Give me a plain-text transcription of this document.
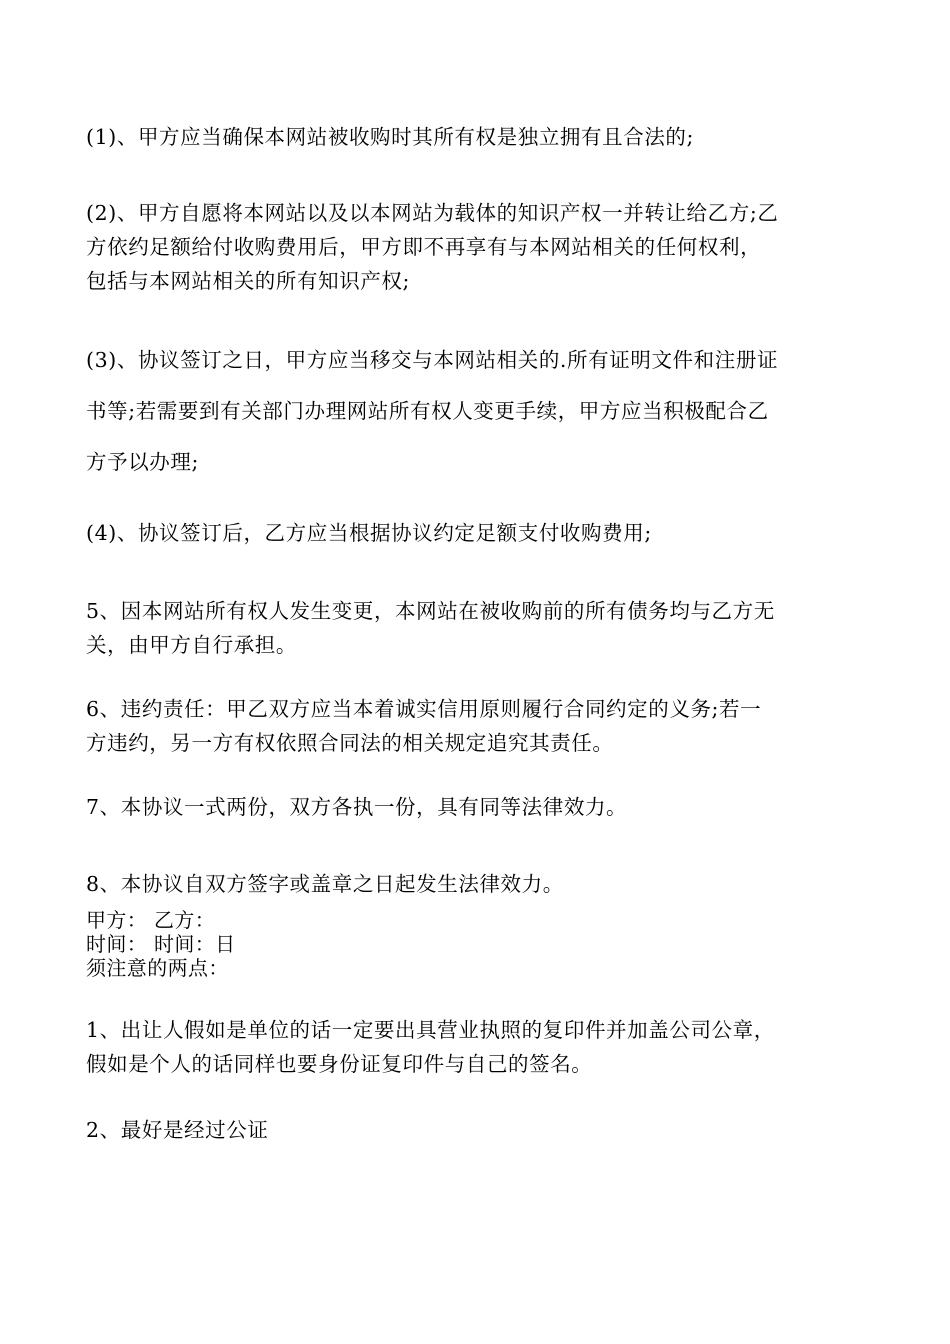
(1)、甲方应当确保本网站被收购时其所有权是独立拥有且合法的;

(2)、甲方自愿将本网站以及以本网站为载体的知识产权一并转让给乙方;乙
方依约足额给付收购费用后，甲方即不再享有与本网站相关的任何权利，
包括与本网站相关的所有知识产权;

(3)、协议签订之日，甲方应当移交与本网站相关的.所有证明文件和注册证
书等;若需要到有关部门办理网站所有权人变更手续，甲方应当积极配合乙
方予以办理;

(4)、协议签订后，乙方应当根据协议约定足额支付收购费用;

5、因本网站所有权人发生变更，本网站在被收购前的所有债务均与乙方无
关，由甲方自行承担。

6、违约责任：甲乙双方应当本着诚实信用原则履行合同约定的义务;若一
方违约，另一方有权依照合同法的相关规定追究其责任。

7、本协议一式两份，双方各执一份，具有同等法律效力。

8、本协议自双方签字或盖章之日起发生法律效力。

甲方： 乙方：
时间： 时间：日
须注意的两点：

1、出让人假如是单位的话一定要出具营业执照的复印件并加盖公司公章，
假如是个人的话同样也要身份证复印件与自己的签名。

2、最好是经过公证
